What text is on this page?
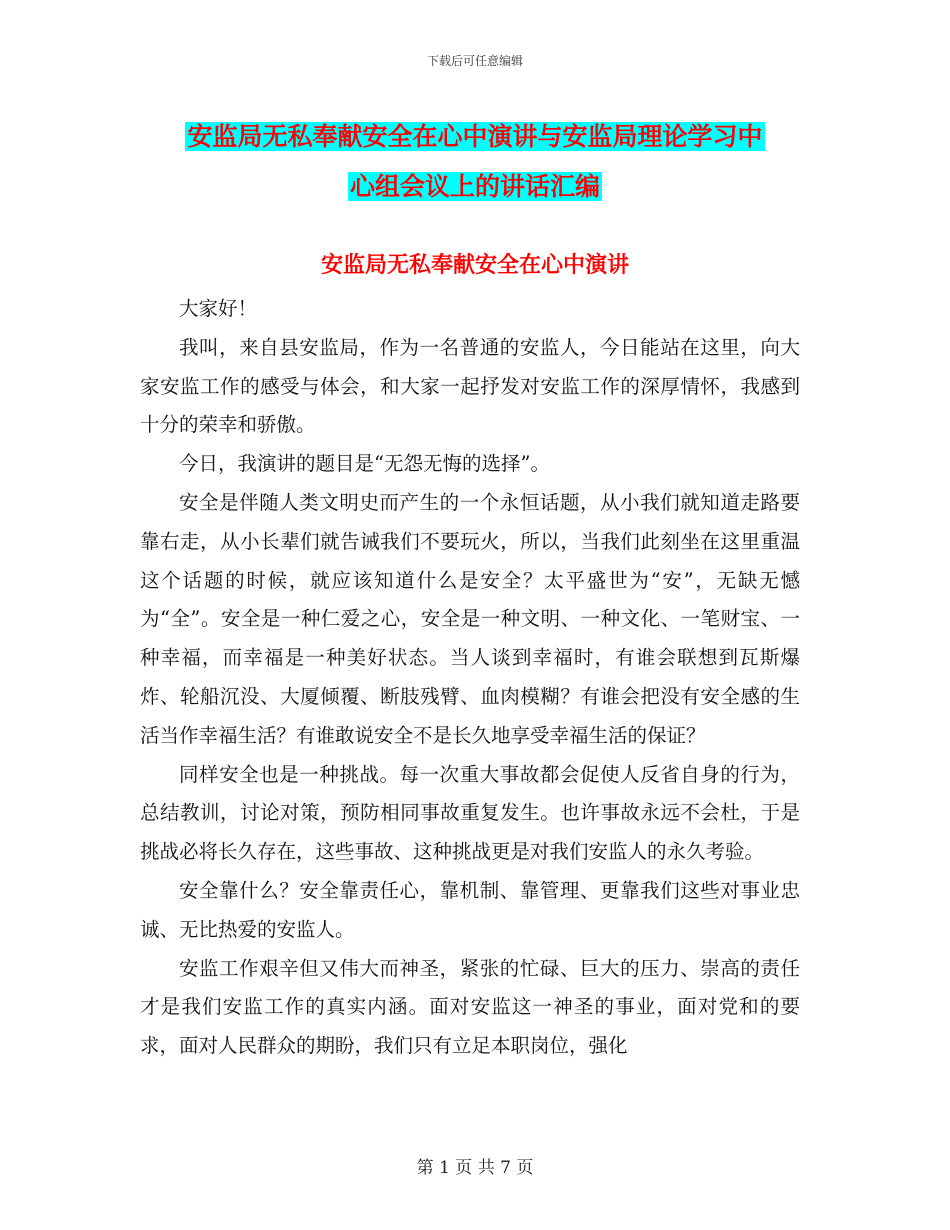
下载后可任意编辑
安监局无私奉献安全在心中演讲与安监局理论学习中
心组会议上的讲话汇编
安监局无私奉献安全在心中演讲

大家好！

我叫，来自县安监局，作为一名普通的安监人，今日能站在这里，向大家安监工作的感受与体会，和大家一起抒发对安监工作的深厚情怀，我感到十分的荣幸和骄傲。

今日，我演讲的题目是“无怨无悔的选择”。

安全是伴随人类文明史而产生的一个永恒话题，从小我们就知道走路要靠右走，从小长辈们就告诫我们不要玩火，所以，当我们此刻坐在这里重温这个话题的时候，就应该知道什么是安全？太平盛世为“安”，无缺无憾为“全”。安全是一种仁爱之心，安全是一种文明、一种文化、一笔财宝、一种幸福，而幸福是一种美好状态。当人谈到幸福时，有谁会联想到瓦斯爆炸、轮船沉没、大厦倾覆、断肢残臂、血肉模糊？有谁会把没有安全感的生活当作幸福生活？有谁敢说安全不是长久地享受幸福生活的保证？

同样安全也是一种挑战。每一次重大事故都会促使人反省自身的行为，总结教训，讨论对策，预防相同事故重复发生。也许事故永远不会杜，于是挑战必将长久存在，这些事故、这种挑战更是对我们安监人的永久考验。

安全靠什么？安全靠责任心，靠机制、靠管理、更靠我们这些对事业忠诚、无比热爱的安监人。

安监工作艰辛但又伟大而神圣，紧张的忙碌、巨大的压力、崇高的责任才是我们安监工作的真实内涵。面对安监这一神圣的事业，面对党和的要求，面对人民群众的期盼，我们只有立足本职岗位，强化

第 1 页 共 7 页
